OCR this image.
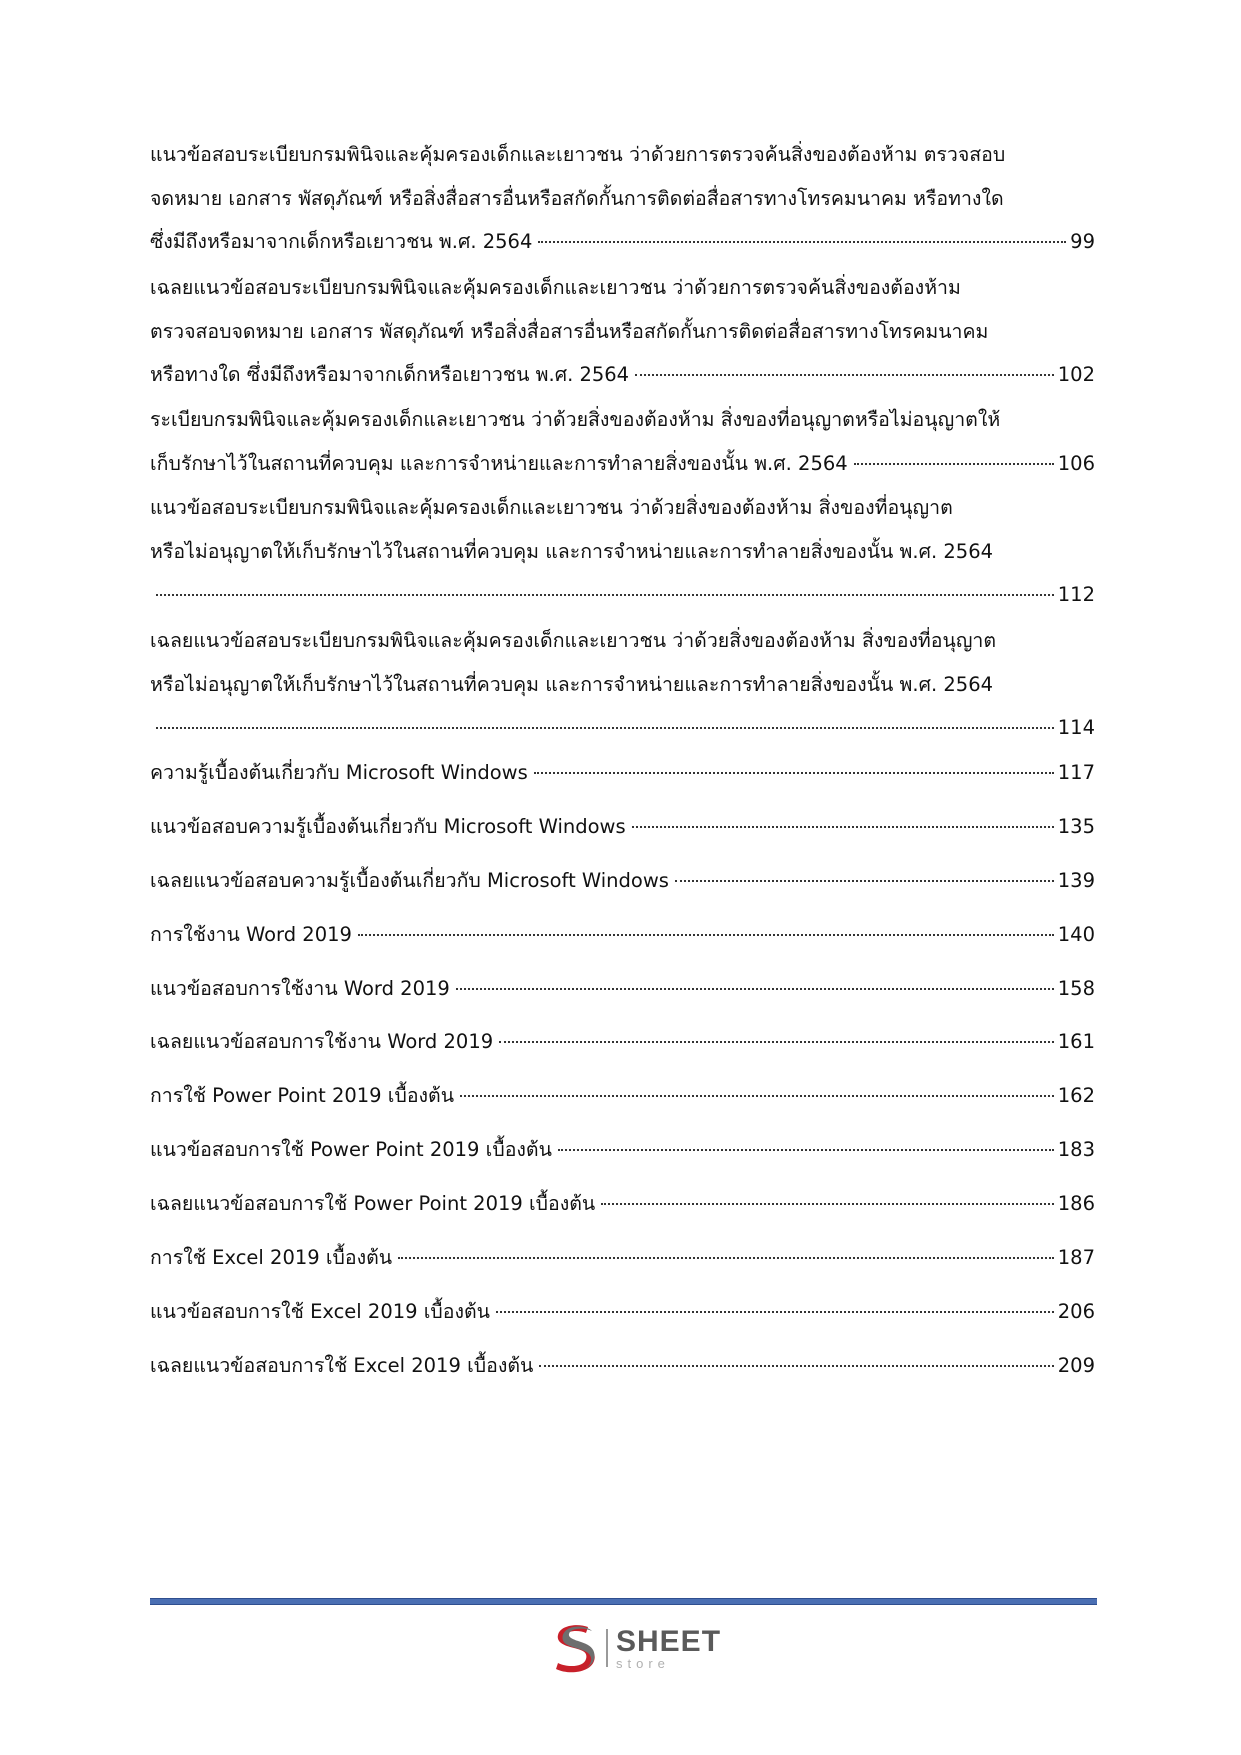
แนวข้อสอบระเบียบกรมพินิจและคุ้มครองเด็กและเยาวชน ว่าด้วยการตรวจค้นสิ่งของต้องห้าม ตรวจสอบ
จดหมาย เอกสาร พัสดุภัณฑ์ หรือสิ่งสื่อสารอื่นหรือสกัดกั้นการติดต่อสื่อสารทางโทรคมนาคม หรือทางใด
ซึ่งมีถึงหรือมาจากเด็กหรือเยาวชน พ.ศ. 2564	99
เฉลยแนวข้อสอบระเบียบกรมพินิจและคุ้มครองเด็กและเยาวชน ว่าด้วยการตรวจค้นสิ่งของต้องห้าม
ตรวจสอบจดหมาย เอกสาร พัสดุภัณฑ์ หรือสิ่งสื่อสารอื่นหรือสกัดกั้นการติดต่อสื่อสารทางโทรคมนาคม
หรือทางใด ซึ่งมีถึงหรือมาจากเด็กหรือเยาวชน พ.ศ. 2564	102
ระเบียบกรมพินิจและคุ้มครองเด็กและเยาวชน ว่าด้วยสิ่งของต้องห้าม สิ่งของที่อนุญาตหรือไม่อนุญาตให้
เก็บรักษาไว้ในสถานที่ควบคุม และการจำหน่ายและการทำลายสิ่งของนั้น พ.ศ. 2564	106
แนวข้อสอบระเบียบกรมพินิจและคุ้มครองเด็กและเยาวชน ว่าด้วยสิ่งของต้องห้าม สิ่งของที่อนุญาต
หรือไม่อนุญาตให้เก็บรักษาไว้ในสถานที่ควบคุม และการจำหน่ายและการทำลายสิ่งของนั้น พ.ศ. 2564
112
เฉลยแนวข้อสอบระเบียบกรมพินิจและคุ้มครองเด็กและเยาวชน ว่าด้วยสิ่งของต้องห้าม สิ่งของที่อนุญาต
หรือไม่อนุญาตให้เก็บรักษาไว้ในสถานที่ควบคุม และการจำหน่ายและการทำลายสิ่งของนั้น พ.ศ. 2564
114
ความรู้เบื้องต้นเกี่ยวกับ Microsoft Windows	117
แนวข้อสอบความรู้เบื้องต้นเกี่ยวกับ Microsoft Windows	135
เฉลยแนวข้อสอบความรู้เบื้องต้นเกี่ยวกับ Microsoft Windows	139
การใช้งาน Word 2019	140
แนวข้อสอบการใช้งาน Word 2019	158
เฉลยแนวข้อสอบการใช้งาน Word 2019	161
การใช้ Power Point 2019 เบื้องต้น	162
แนวข้อสอบการใช้ Power Point 2019 เบื้องต้น	183
เฉลยแนวข้อสอบการใช้ Power Point 2019 เบื้องต้น	186
การใช้ Excel 2019 เบื้องต้น	187
แนวข้อสอบการใช้ Excel 2019 เบื้องต้น	206
เฉลยแนวข้อสอบการใช้ Excel 2019 เบื้องต้น	209
SHEET
store
